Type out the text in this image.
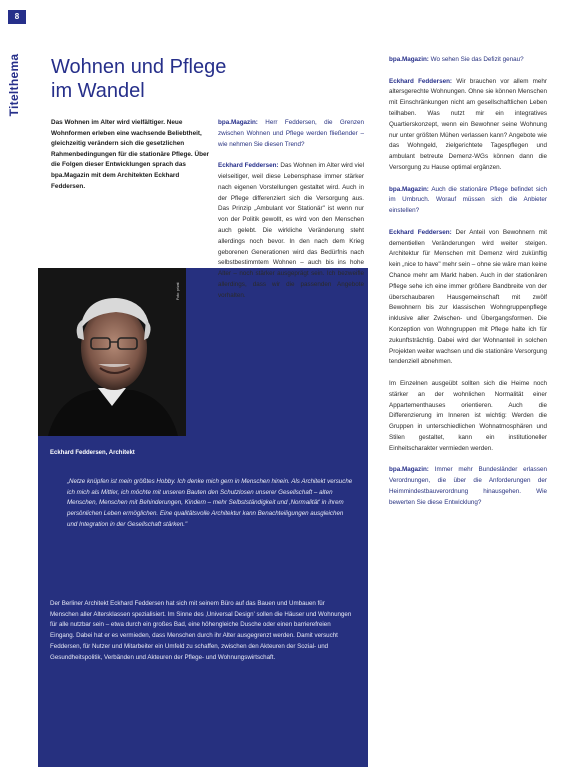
8
Titelthema Wohnen und Pflege
im Wandel
Das Wohnen im Alter wird vielfältiger. Neue Wohnformen erleben eine wachsende Beliebtheit, gleichzeitig verändern sich die gesetzlichen Rahmenbedingungen für die stationäre Pflege. Über die Folgen dieser Entwicklungen sprach das bpa.Magazin mit dem Architekten Eckhard Feddersen.
Foto: privat
Eckhard Feddersen, Architekt
„Netze knüpfen ist mein größtes Hobby. Ich denke mich gern in Menschen hinein. Als Architekt versuche ich mich als Mittler, ich möchte mit unseren Bauten den Schutzlosen unserer Gesellschaft – alten Menschen, Menschen mit Behinderungen, Kindern – mehr Selbstständigkeit und ‚Normalität' in ihrem persönlichen Leben ermöglichen. Eine qualitätsvolle Architektur kann Benachteiligungen ausgleichen und Integration in der Gesellschaft stärken."
Der Berliner Architekt Eckhard Feddersen hat sich mit seinem Büro auf das Bauen und Umbauen für Menschen aller Altersklassen spezialisiert. Im Sinne des ‚Universal Design' sollen die Häuser und Wohnungen für alle nutzbar sein – etwa durch ein großes Bad, eine höhengleiche Dusche oder einen barrierefreien Eingang. Dabei hat er es vermieden, dass Menschen durch ihr Alter ausgegrenzt werden. Damit versucht Feddersen, für Nutzer und Mitarbeiter ein Umfeld zu schaffen, zwischen den Akteuren der Sozial- und Gesundheitspolitik, Verbänden und Akteuren der Pflege- und Wohnungswirtschaft.

bpa.Magazin: Herr Feddersen, die Grenzen zwischen Wohnen und Pflege werden fließender – wie nehmen Sie diesen Trend?

Eckhard Feddersen: Das Wohnen im Alter wird viel vielseitiger, weil diese Lebensphase immer stärker nach eigenen Vorstellungen gestaltet wird. Auch in der Pflege differenziert sich die Versorgung aus. Das Prinzip „Ambulant vor Stationär" ist wenn nur von der Politik gewollt, es wird von den Menschen auch gelebt. Die wirkliche Veränderung steht allerdings noch bevor. In den nach dem Krieg geborenen Generationen wird das Bedürfnis nach selbstbestimmtem Wohnen – auch bis ins hohe Alter – noch stärker ausgeprägt sein. Ich bezweifle allerdings, dass wir die passenden Angebote vorhalten.

bpa.Magazin: Wo sehen Sie das Defizit genau?

Eckhard Feddersen: Wir brauchen vor allem mehr altersgerechte Wohnungen. Ohne sie können Menschen mit Einschränkungen nicht am gesellschaftlichen Leben teilhaben. Was nutzt mir ein integratives Quartierskonzept, wenn ein Bewohner seine Wohnung nur unter größten Mühen verlassen kann? Angebote wie das Wohngeld, zielgerichtete Tagespflegen und ambulant betreute Demenz-WGs können dann die Versorgung zu Hause optimal ergänzen.

bpa.Magazin: Auch die stationäre Pflege befindet sich im Umbruch. Worauf müssen sich die Anbieter einstellen?

Eckhard Feddersen: Der Anteil von Bewohnern mit dementiellen Veränderungen wird weiter steigen. Architektur für Menschen mit Demenz wird zukünftig kein „nice to have" mehr sein – ohne sie wäre man keine Chance mehr am Markt haben. Auch in der stationären Pflege sehe ich eine immer größere Bandbreite von der überschaubaren Hausgemeinschaft mit zwölf Bewohnern bis zur klassischen Wohngruppenpflege inklusive aller Zwischen- und Übergangsformen. Die Konzeption von Wohngruppen mit Pflege halte ich für zukunftsträchtig. Dabei wird der Wohnanteil in solchen Projekten weiter wachsen und die stationäre Versorgung tendenziell abnehmen.

Im Einzelnen ausgeübt sollten sich die Heime noch stärker an der wohnlichen Normalität einer Appartementhauses orientieren. Auch die Differenzierung im Inneren ist wichtig: Werden die Gruppen in unterschiedlichen Wohnatmosphären und Stilen gestaltet, kann ein institutioneller Einheitscharakter vermieden werden.

bpa.Magazin: Immer mehr Bundesländer erlassen Verordnungen, die über die Anforderungen der Heimmindestbauverordnung hinausgehen. Wie bewerten Sie diese Entwicklung?
